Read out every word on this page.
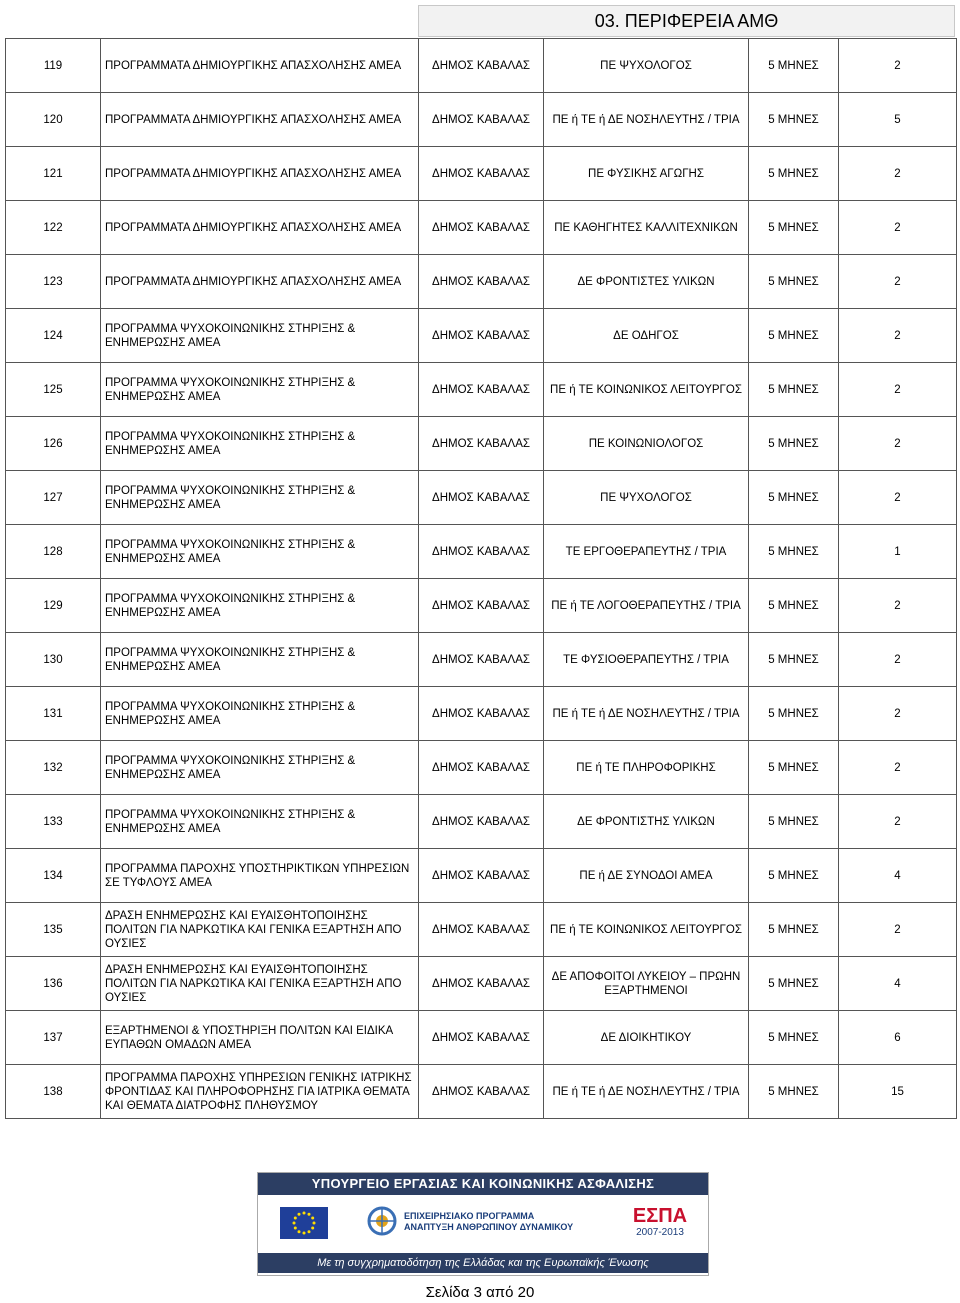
03. ΠΕΡΙΦΕΡΕΙΑ ΑΜΘ
119	ΠΡΟΓΡΑΜΜΑΤΑ ΔΗΜΙΟΥΡΓΙΚΗΣ ΑΠΑΣΧΟΛΗΣΗΣ ΑΜΕΑ	ΔΗΜΟΣ ΚΑΒΑΛΑΣ	ΠΕ ΨΥΧΟΛΟΓΟΣ	5 ΜΗΝΕΣ	2
120	ΠΡΟΓΡΑΜΜΑΤΑ ΔΗΜΙΟΥΡΓΙΚΗΣ ΑΠΑΣΧΟΛΗΣΗΣ ΑΜΕΑ	ΔΗΜΟΣ ΚΑΒΑΛΑΣ	ΠΕ ή ΤΕ ή ΔΕ ΝΟΣΗΛΕΥΤΗΣ / ΤΡΙΑ	5 ΜΗΝΕΣ	5
121	ΠΡΟΓΡΑΜΜΑΤΑ ΔΗΜΙΟΥΡΓΙΚΗΣ ΑΠΑΣΧΟΛΗΣΗΣ ΑΜΕΑ	ΔΗΜΟΣ ΚΑΒΑΛΑΣ	ΠΕ ΦΥΣΙΚΗΣ ΑΓΩΓΗΣ	5 ΜΗΝΕΣ	2
122	ΠΡΟΓΡΑΜΜΑΤΑ ΔΗΜΙΟΥΡΓΙΚΗΣ ΑΠΑΣΧΟΛΗΣΗΣ ΑΜΕΑ	ΔΗΜΟΣ ΚΑΒΑΛΑΣ	ΠΕ ΚΑΘΗΓΗΤΕΣ ΚΑΛΛΙΤΕΧΝΙΚΩΝ	5 ΜΗΝΕΣ	2
123	ΠΡΟΓΡΑΜΜΑΤΑ ΔΗΜΙΟΥΡΓΙΚΗΣ ΑΠΑΣΧΟΛΗΣΗΣ ΑΜΕΑ	ΔΗΜΟΣ ΚΑΒΑΛΑΣ	ΔΕ ΦΡΟΝΤΙΣΤΕΣ ΥΛΙΚΩΝ	5 ΜΗΝΕΣ	2
124	ΠΡΟΓΡΑΜΜΑ ΨΥΧΟΚΟΙΝΩΝΙΚΗΣ ΣΤΗΡΙΞΗΣ & ΕΝΗΜΕΡΩΣΗΣ ΑΜΕΑ	ΔΗΜΟΣ ΚΑΒΑΛΑΣ	ΔΕ ΟΔΗΓΟΣ	5 ΜΗΝΕΣ	2
125	ΠΡΟΓΡΑΜΜΑ ΨΥΧΟΚΟΙΝΩΝΙΚΗΣ ΣΤΗΡΙΞΗΣ & ΕΝΗΜΕΡΩΣΗΣ ΑΜΕΑ	ΔΗΜΟΣ ΚΑΒΑΛΑΣ	ΠΕ ή ΤΕ ΚΟΙΝΩΝΙΚΟΣ ΛΕΙΤΟΥΡΓΟΣ	5 ΜΗΝΕΣ	2
126	ΠΡΟΓΡΑΜΜΑ ΨΥΧΟΚΟΙΝΩΝΙΚΗΣ ΣΤΗΡΙΞΗΣ & ΕΝΗΜΕΡΩΣΗΣ ΑΜΕΑ	ΔΗΜΟΣ ΚΑΒΑΛΑΣ	ΠΕ ΚΟΙΝΩΝΙΟΛΟΓΟΣ	5 ΜΗΝΕΣ	2
127	ΠΡΟΓΡΑΜΜΑ ΨΥΧΟΚΟΙΝΩΝΙΚΗΣ ΣΤΗΡΙΞΗΣ & ΕΝΗΜΕΡΩΣΗΣ ΑΜΕΑ	ΔΗΜΟΣ ΚΑΒΑΛΑΣ	ΠΕ ΨΥΧΟΛΟΓΟΣ	5 ΜΗΝΕΣ	2
128	ΠΡΟΓΡΑΜΜΑ ΨΥΧΟΚΟΙΝΩΝΙΚΗΣ ΣΤΗΡΙΞΗΣ & ΕΝΗΜΕΡΩΣΗΣ ΑΜΕΑ	ΔΗΜΟΣ ΚΑΒΑΛΑΣ	ΤΕ ΕΡΓΟΘΕΡΑΠΕΥΤΗΣ / ΤΡΙΑ	5 ΜΗΝΕΣ	1
129	ΠΡΟΓΡΑΜΜΑ ΨΥΧΟΚΟΙΝΩΝΙΚΗΣ ΣΤΗΡΙΞΗΣ & ΕΝΗΜΕΡΩΣΗΣ ΑΜΕΑ	ΔΗΜΟΣ ΚΑΒΑΛΑΣ	ΠΕ ή ΤΕ ΛΟΓΟΘΕΡΑΠΕΥΤΗΣ / ΤΡΙΑ	5 ΜΗΝΕΣ	2
130	ΠΡΟΓΡΑΜΜΑ ΨΥΧΟΚΟΙΝΩΝΙΚΗΣ ΣΤΗΡΙΞΗΣ & ΕΝΗΜΕΡΩΣΗΣ ΑΜΕΑ	ΔΗΜΟΣ ΚΑΒΑΛΑΣ	ΤΕ ΦΥΣΙΟΘΕΡΑΠΕΥΤΗΣ / ΤΡΙΑ	5 ΜΗΝΕΣ	2
131	ΠΡΟΓΡΑΜΜΑ ΨΥΧΟΚΟΙΝΩΝΙΚΗΣ ΣΤΗΡΙΞΗΣ & ΕΝΗΜΕΡΩΣΗΣ ΑΜΕΑ	ΔΗΜΟΣ ΚΑΒΑΛΑΣ	ΠΕ ή ΤΕ ή ΔΕ ΝΟΣΗΛΕΥΤΗΣ / ΤΡΙΑ	5 ΜΗΝΕΣ	2
132	ΠΡΟΓΡΑΜΜΑ ΨΥΧΟΚΟΙΝΩΝΙΚΗΣ ΣΤΗΡΙΞΗΣ & ΕΝΗΜΕΡΩΣΗΣ ΑΜΕΑ	ΔΗΜΟΣ ΚΑΒΑΛΑΣ	ΠΕ ή ΤΕ ΠΛΗΡΟΦΟΡΙΚΗΣ	5 ΜΗΝΕΣ	2
133	ΠΡΟΓΡΑΜΜΑ ΨΥΧΟΚΟΙΝΩΝΙΚΗΣ ΣΤΗΡΙΞΗΣ & ΕΝΗΜΕΡΩΣΗΣ ΑΜΕΑ	ΔΗΜΟΣ ΚΑΒΑΛΑΣ	ΔΕ ΦΡΟΝΤΙΣΤΗΣ ΥΛΙΚΩΝ	5 ΜΗΝΕΣ	2
134	ΠΡΟΓΡΑΜΜΑ ΠΑΡΟΧΗΣ ΥΠΟΣΤΗΡΙΚΤΙΚΩΝ ΥΠΗΡΕΣΙΩΝ ΣΕ ΤΥΦΛΟΥΣ ΑΜΕΑ	ΔΗΜΟΣ ΚΑΒΑΛΑΣ	ΠΕ ή ΔΕ ΣΥΝΟΔΟΙ ΑΜΕΑ	5 ΜΗΝΕΣ	4
135	ΔΡΑΣΗ ΕΝΗΜΕΡΩΣΗΣ ΚΑΙ ΕΥΑΙΣΘΗΤΟΠΟΙΗΣΗΣ ΠΟΛΙΤΩΝ ΓΙΑ ΝΑΡΚΩΤΙΚΑ ΚΑΙ ΓΕΝΙΚΑ ΕΞΑΡΤΗΣΗ ΑΠΟ ΟΥΣΙΕΣ	ΔΗΜΟΣ ΚΑΒΑΛΑΣ	ΠΕ ή ΤΕ ΚΟΙΝΩΝΙΚΟΣ ΛΕΙΤΟΥΡΓΟΣ	5 ΜΗΝΕΣ	2
136	ΔΡΑΣΗ ΕΝΗΜΕΡΩΣΗΣ ΚΑΙ ΕΥΑΙΣΘΗΤΟΠΟΙΗΣΗΣ ΠΟΛΙΤΩΝ ΓΙΑ ΝΑΡΚΩΤΙΚΑ ΚΑΙ ΓΕΝΙΚΑ ΕΞΑΡΤΗΣΗ ΑΠΟ ΟΥΣΙΕΣ	ΔΗΜΟΣ ΚΑΒΑΛΑΣ	ΔΕ ΑΠΟΦΟΙΤΟΙ ΛΥΚΕΙΟΥ – ΠΡΩΗΝ ΕΞΑΡΤΗΜΕΝΟΙ	5 ΜΗΝΕΣ	4
137	ΕΞΑΡΤΗΜΕΝΟΙ & ΥΠΟΣΤΗΡΙΞΗ ΠΟΛΙΤΩΝ ΚΑΙ ΕΙΔΙΚΑ ΕΥΠΑΘΩΝ ΟΜΑΔΩΝ ΑΜΕΑ	ΔΗΜΟΣ ΚΑΒΑΛΑΣ	ΔΕ ΔΙΟΙΚΗΤΙΚΟΥ	5 ΜΗΝΕΣ	6
138	ΠΡΟΓΡΑΜΜΑ ΠΑΡΟΧΗΣ ΥΠΗΡΕΣΙΩΝ ΓΕΝΙΚΗΣ ΙΑΤΡΙΚΗΣ ΦΡΟΝΤΙΔΑΣ ΚΑΙ ΠΛΗΡΟΦΟΡΗΣΗΣ ΓΙΑ ΙΑΤΡΙΚΑ ΘΕΜΑΤΑ ΚΑΙ ΘΕΜΑΤΑ ΔΙΑΤΡΟΦΗΣ ΠΛΗΘΥΣΜΟΥ	ΔΗΜΟΣ ΚΑΒΑΛΑΣ	ΠΕ ή ΤΕ ή ΔΕ ΝΟΣΗΛΕΥΤΗΣ / ΤΡΙΑ	5 ΜΗΝΕΣ	15
ΥΠΟΥΡΓΕΙΟ ΕΡΓΑΣΙΑΣ ΚΑΙ ΚΟΙΝΩΝΙΚΗΣ ΑΣΦΑΛΙΣΗΣ
ΕΠΙΧΕΙΡΗΣΙΑΚΟ ΠΡΟΓΡΑΜΜΑ
ΑΝΑΠΤΥΞΗ ΑΝΘΡΩΠΙΝΟΥ ΔΥΝΑΜΙΚΟΥ	ΕΣΠΑ
2007-2013
Με τη συγχρηματοδότηση της Ελλάδας και της Ευρωπαϊκής Ένωσης
Σελίδα 3 από 20
